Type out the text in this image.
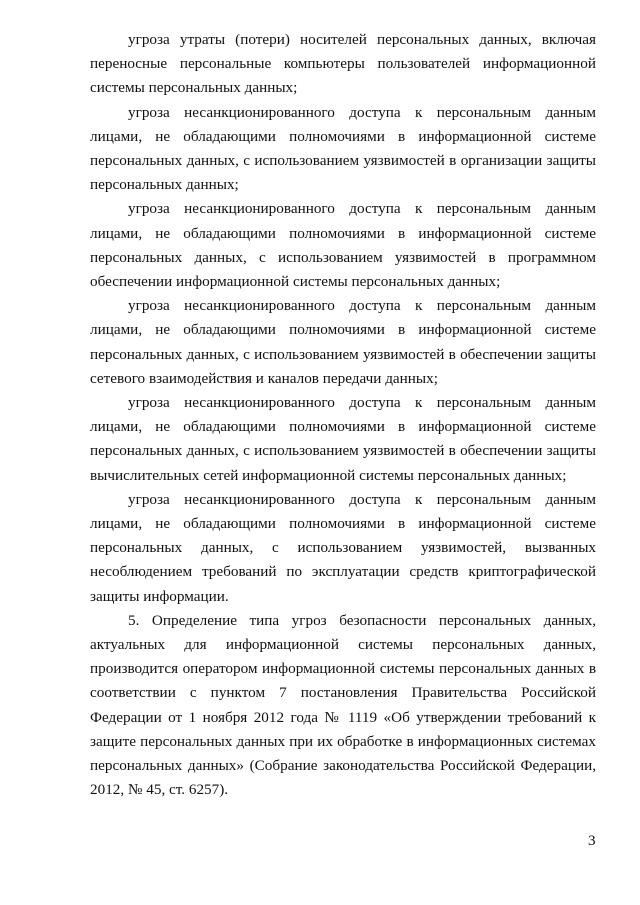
угроза утраты (потери) носителей персональных данных, включая переносные персональные компьютеры пользователей информационной системы персональных данных;

угроза несанкционированного доступа к персональным данным лицами, не обладающими полномочиями в информационной системе персональных данных, с использованием уязвимостей в организации защиты персональных данных;

угроза несанкционированного доступа к персональным данным лицами, не обладающими полномочиями в информационной системе персональных данных, с использованием уязвимостей в программном обеспечении информационной системы персональных данных;

угроза несанкционированного доступа к персональным данным лицами, не обладающими полномочиями в информационной системе персональных данных, с использованием уязвимостей в обеспечении защиты сетевого взаимодействия и каналов передачи данных;

угроза несанкционированного доступа к персональным данным лицами, не обладающими полномочиями в информационной системе персональных данных, с использованием уязвимостей в обеспечении защиты вычислительных сетей информационной системы персональных данных;

угроза несанкционированного доступа к персональным данным лицами, не обладающими полномочиями в информационной системе персональных данных, с использованием уязвимостей, вызванных несоблюдением требований по эксплуатации средств криптографической защиты информации.

5. Определение типа угроз безопасности персональных данных, актуальных для информационной системы персональных данных, производится оператором информационной системы персональных данных в соответствии с пунктом 7 постановления Правительства Российской Федерации от 1 ноября 2012 года № 1119 «Об утверждении требований к защите персональных данных при их обработке в информационных системах персональных данных» (Собрание законодательства Российской Федерации, 2012, № 45, ст. 6257).

3
